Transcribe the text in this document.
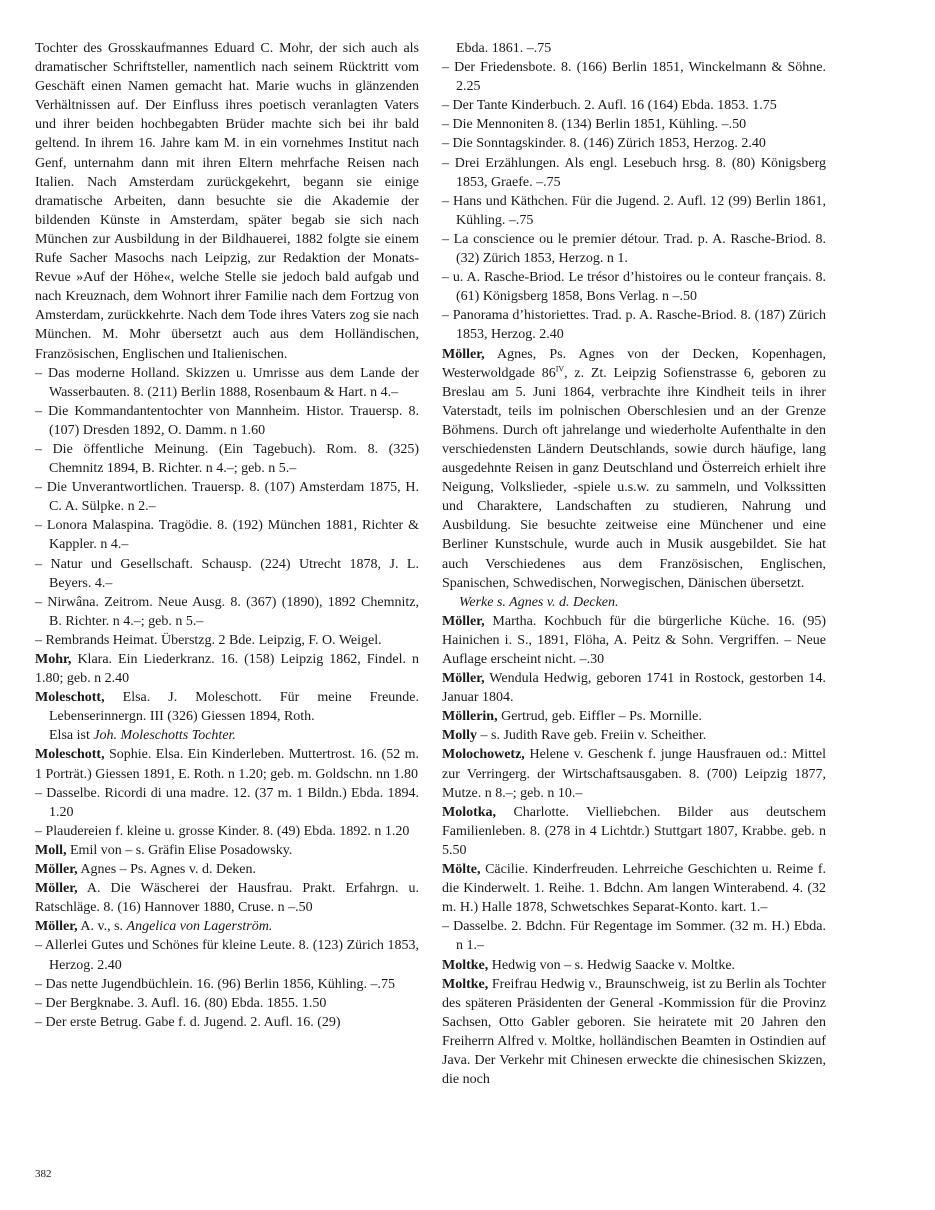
Tochter des Grosskaufmannes Eduard C. Mohr, der sich auch als dramatischer Schriftsteller, namentlich nach seinem Rücktritt vom Geschäft einen Namen gemacht hat. Marie wuchs in glänzenden Verhältnissen auf. Der Einfluss ihres poetisch veranlagten Vaters und ihrer beiden hochbegabten Brüder machte sich bei ihr bald geltend. In ihrem 16. Jahre kam M. in ein vornehmes Institut nach Genf, unternahm dann mit ihren Eltern mehrfache Reisen nach Italien. Nach Amsterdam zurückgekehrt, begann sie einige dramatische Arbeiten, dann besuchte sie die Akademie der bildenden Künste in Amsterdam, später begab sie sich nach München zur Ausbildung in der Bildhauerei, 1882 folgte sie einem Rufe Sacher Masochs nach Leipzig, zur Redaktion der Monats-Revue »Auf der Höhe«, welche Stelle sie jedoch bald aufgab und nach Kreuznach, dem Wohnort ihrer Familie nach dem Fortzug von Amsterdam, zurückkehrte. Nach dem Tode ihres Vaters zog sie nach München. M. Mohr übersetzt auch aus dem Holländischen, Französischen, Englischen und Italienischen.

– Das moderne Holland. Skizzen u. Umrisse aus dem Lande der Wasserbauten. 8. (211) Berlin 1888, Rosenbaum & Hart. n 4.–

– Die Kommandantentochter von Mannheim. Histor. Trauersp. 8. (107) Dresden 1892, O. Damm. n 1.60

– Die öffentliche Meinung. (Ein Tagebuch). Rom. 8. (325) Chemnitz 1894, B. Richter. n 4.–; geb. n 5.–

– Die Unverantwortlichen. Trauersp. 8. (107) Amsterdam 1875, H. C. A. Sülpke. n 2.–

– Lonora Malaspina. Tragödie. 8. (192) München 1881, Richter & Kappler. n 4.–

– Natur und Gesellschaft. Schausp. (224) Utrecht 1878, J. L. Beyers. 4.–

– Nirwâna. Zeitrom. Neue Ausg. 8. (367) (1890), 1892 Chemnitz, B. Richter. n 4.–; geb. n 5.–

– Rembrands Heimat. Überstzg. 2 Bde. Leipzig, F. O. Weigel.

Mohr, Klara. Ein Liederkranz. 16. (158) Leipzig 1862, Findel. n 1.80; geb. n 2.40

Moleschott, Elsa. J. Moleschott. Für meine Freunde. Lebenserinnergn. III (326) Giessen 1894, Roth.

Elsa ist Joh. Moleschotts Tochter.

Moleschott, Sophie. Elsa. Ein Kinderleben. Muttertrost. 16. (52 m. 1 Porträt.) Giessen 1891, E. Roth. n 1.20; geb. m. Goldschn. nn 1.80

– Dasselbe. Ricordi di una madre. 12. (37 m. 1 Bildn.) Ebda. 1894. 1.20

– Plaudereien f. kleine u. grosse Kinder. 8. (49) Ebda. 1892. n 1.20

Moll, Emil von – s. Gräfin Elise Posadowsky.

Möller, Agnes – Ps. Agnes v. d. Deken.

Möller, A. Die Wäscherei der Hausfrau. Prakt. Erfahrgn. u. Ratschläge. 8. (16) Hannover 1880, Cruse. n –.50

Möller, A. v., s. Angelica von Lagerström.

– Allerlei Gutes und Schönes für kleine Leute. 8. (123) Zürich 1853, Herzog. 2.40

– Das nette Jugendbüchlein. 16. (96) Berlin 1856, Kühling. –.75

– Der Bergknabe. 3. Aufl. 16. (80) Ebda. 1855. 1.50

– Der erste Betrug. Gabe f. d. Jugend. 2. Aufl. 16. (29)

Ebda. 1861. –.75

– Der Friedensbote. 8. (166) Berlin 1851, Winckelmann & Söhne. 2.25

– Der Tante Kinderbuch. 2. Aufl. 16 (164) Ebda. 1853. 1.75

– Die Mennoniten 8. (134) Berlin 1851, Kühling. –.50

– Die Sonntagskinder. 8. (146) Zürich 1853, Herzog. 2.40

– Drei Erzählungen. Als engl. Lesebuch hrsg. 8. (80) Königsberg 1853, Graefe. –.75

– Hans und Käthchen. Für die Jugend. 2. Aufl. 12 (99) Berlin 1861, Kühling. –.75

– La conscience ou le premier détour. Trad. p. A. Rasche-Briod. 8. (32) Zürich 1853, Herzog. n 1.

– u. A. Rasche-Briod. Le trésor d’histoires ou le conteur français. 8. (61) Königsberg 1858, Bons Verlag. n –.50

– Panorama d’historiettes. Trad. p. A. Rasche-Briod. 8. (187) Zürich 1853, Herzog. 2.40

Möller, Agnes, Ps. Agnes von der Decken, Kopenhagen, Westerwoldgade $86^{IV}$, z. Zt. Leipzig Sofienstrasse 6, geboren zu Breslau am 5. Juni 1864, verbrachte ihre Kindheit teils in ihrer Vaterstadt, teils im polnischen Oberschlesien und an der Grenze Böhmens. Durch oft jahrelange und wiederholte Aufenthalte in den verschiedensten Ländern Deutschlands, sowie durch häufige, lang ausgedehnte Reisen in ganz Deutschland und Österreich erhielt ihre Neigung, Volkslieder, -spiele u.s.w. zu sammeln, und Volkssitten und Charaktere, Landschaften zu studieren, Nahrung und Ausbildung. Sie besuchte zeitweise eine Münchener und eine Berliner Kunstschule, wurde auch in Musik ausgebildet. Sie hat auch Verschiedenes aus dem Französischen, Englischen, Spanischen, Schwedischen, Norwegischen, Dänischen übersetzt.

Werke s. Agnes v. d. Decken.

Möller, Martha. Kochbuch für die bürgerliche Küche. 16. (95) Hainichen i. S., 1891, Flöha, A. Peitz & Sohn. Vergriffen. – Neue Auflage erscheint nicht. –.30

Möller, Wendula Hedwig, geboren 1741 in Rostock, gestorben 14. Januar 1804.

Möllerin, Gertrud, geb. Eiffler – Ps. Mornille.

Molly – s. Judith Rave geb. Freiin v. Scheither.

Molochowetz, Helene v. Geschenk f. junge Hausfrauen od.: Mittel zur Verringerg. der Wirtschaftsausgaben. 8. (700) Leipzig 1877, Mutze. n 8.–; geb. n 10.–

Molotka, Charlotte. Vielliebchen. Bilder aus deutschem Familienleben. 8. (278 in 4 Lichtdr.) Stuttgart 1807, Krabbe. geb. n 5.50

Mölte, Cäcilie. Kinderfreuden. Lehrreiche Geschichten u. Reime f. die Kinderwelt. 1. Reihe. 1. Bdchn. Am langen Winterabend. 4. (32 m. H.) Halle 1878, Schwetschkes Separat-Konto. kart. 1.–

– Dasselbe. 2. Bdchn. Für Regentage im Sommer. (32 m. H.) Ebda. n 1.–

Moltke, Hedwig von – s. Hedwig Saacke v. Moltke.

Moltke, Freifrau Hedwig v., Braunschweig, ist zu Berlin als Tochter des späteren Präsidenten der General -Kommission für die Provinz Sachsen, Otto Gabler geboren. Sie heiratete mit 20 Jahren den Freiherrn Alfred v. Moltke, holländischen Beamten in Ostindien auf Java. Der Verkehr mit Chinesen erweckte die chinesischen Skizzen, die noch

382
